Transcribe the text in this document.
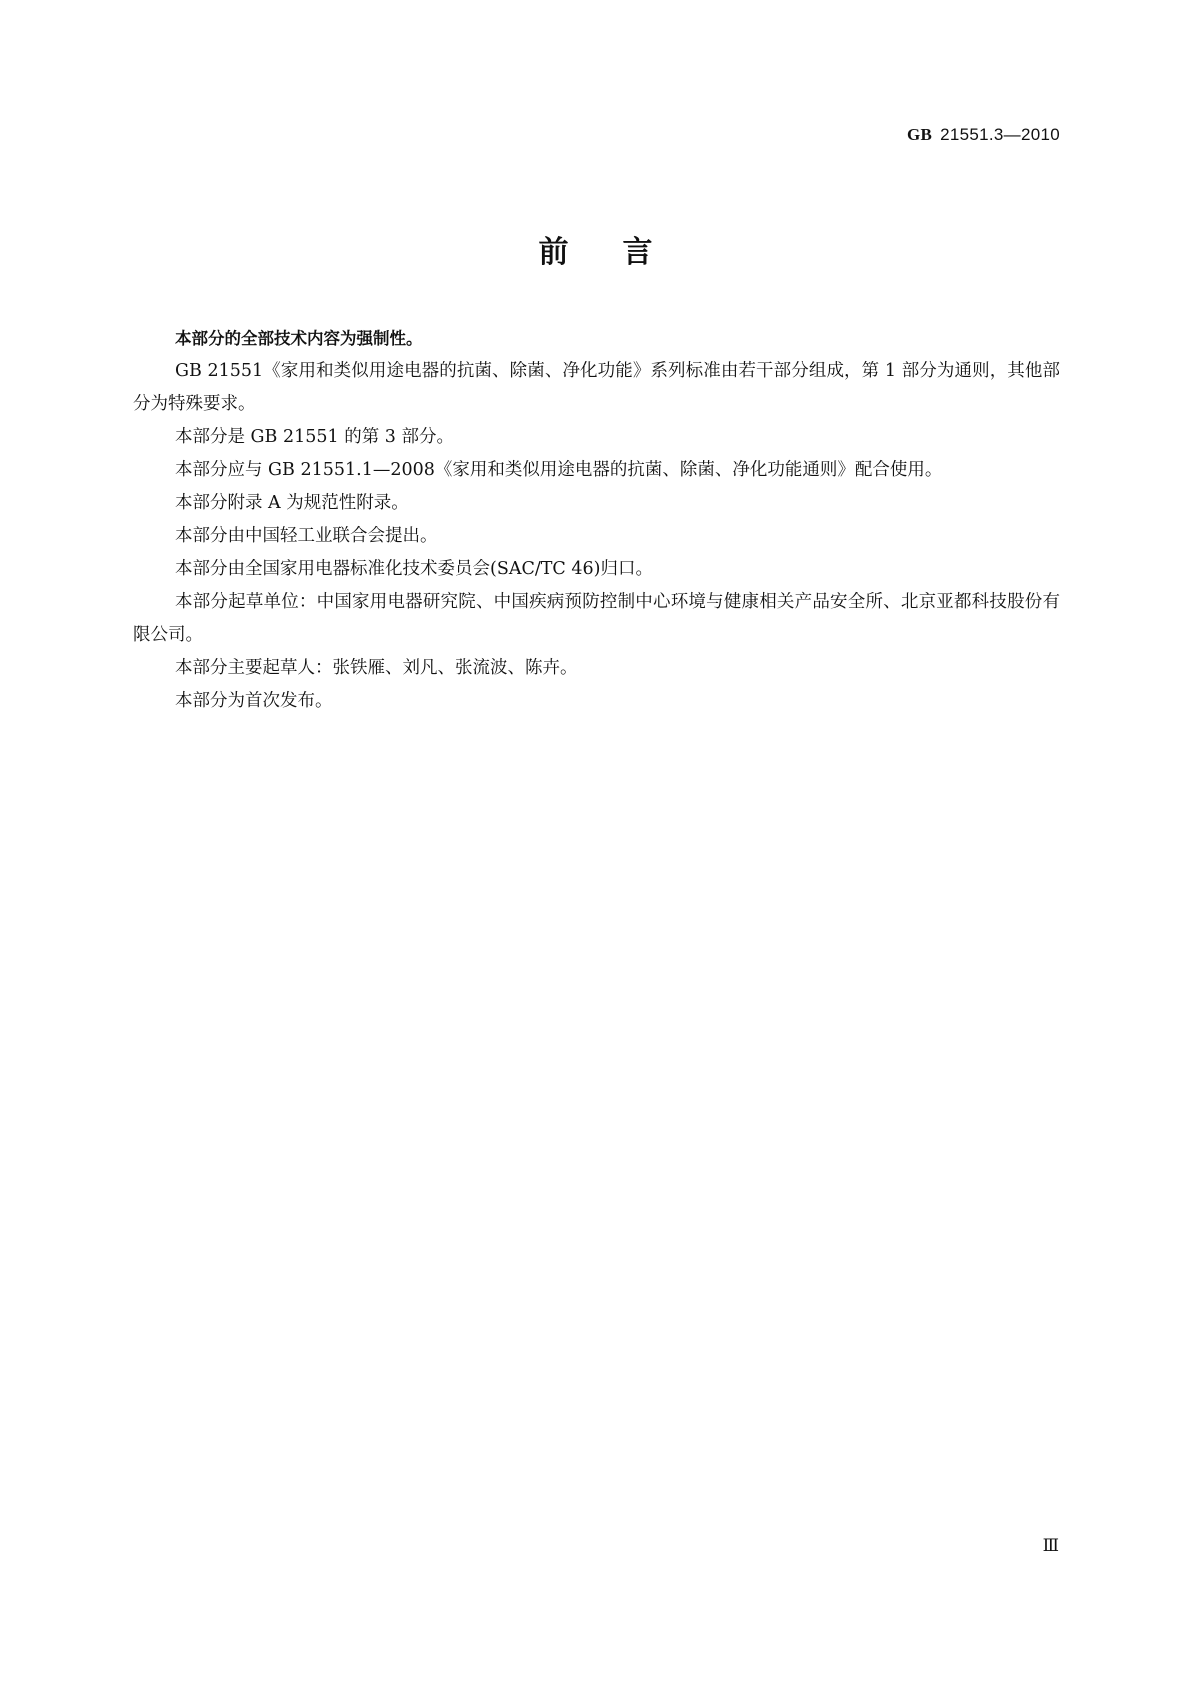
GB 21551.3—2010
前言

本部分的全部技术内容为强制性。

GB 21551《家用和类似用途电器的抗菌、除菌、净化功能》系列标准由若干部分组成，第 1 部分为通则，其他部分为特殊要求。

本部分是 GB 21551 的第 3 部分。

本部分应与 GB 21551.1—2008《家用和类似用途电器的抗菌、除菌、净化功能通则》配合使用。

本部分附录 A 为规范性附录。

本部分由中国轻工业联合会提出。

本部分由全国家用电器标准化技术委员会(SAC/TC 46)归口。

本部分起草单位：中国家用电器研究院、中国疾病预防控制中心环境与健康相关产品安全所、北京亚都科技股份有限公司。

本部分主要起草人：张铁雁、刘凡、张流波、陈卉。

本部分为首次发布。

Ⅲ
